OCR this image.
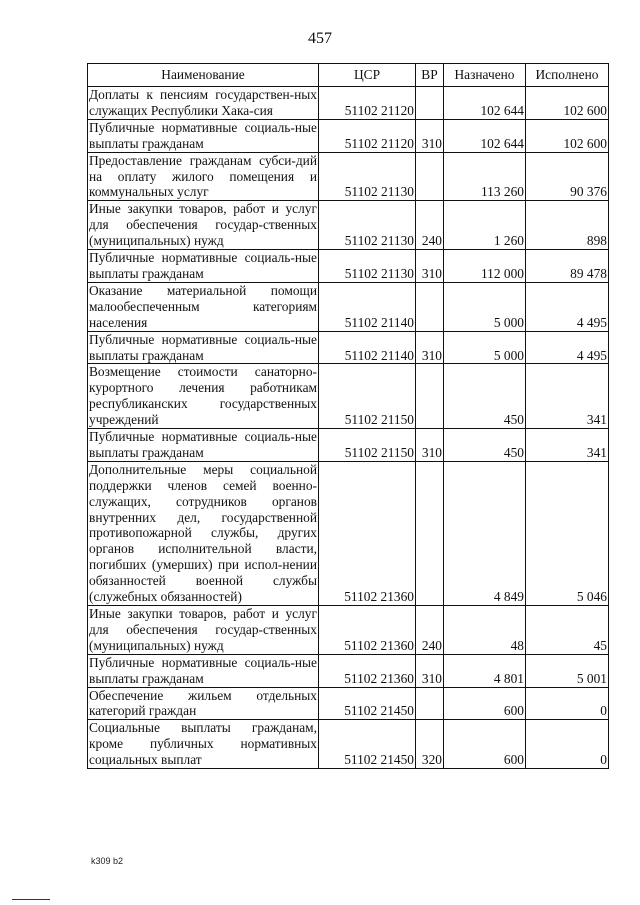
457
Наименование	ЦСР	ВР	Назначено	Исполнено
Доплаты к пенсиям государствен-ных служащих Республики Хака-сия	51102 21120		102 644	102 600
Публичные нормативные социаль-ные выплаты гражданам	51102 21120	310	102 644	102 600
Предоставление гражданам субси-дий на оплату жилого помещения и коммунальных услуг	51102 21130		113 260	90 376
Иные закупки товаров, работ и услуг для обеспечения государ-ственных (муниципальных) нужд	51102 21130	240	1 260	898
Публичные нормативные социаль-ные выплаты гражданам	51102 21130	310	112 000	89 478
Оказание материальной помощи малообеспеченным категориям населения	51102 21140		5 000	4 495
Публичные нормативные социаль-ные выплаты гражданам	51102 21140	310	5 000	4 495
Возмещение стоимости санаторно-курортного лечения работникам республиканских государственных учреждений	51102 21150		450	341
Публичные нормативные социаль-ные выплаты гражданам	51102 21150	310	450	341
Дополнительные меры социальной поддержки членов семей военно-служащих, сотрудников органов внутренних дел, государственной противопожарной службы, других органов исполнительной власти, погибших (умерших) при испол-нении обязанностей военной службы (служебных обязанностей)	51102 21360		4 849	5 046
Иные закупки товаров, работ и услуг для обеспечения государ-ственных (муниципальных) нужд	51102 21360	240	48	45
Публичные нормативные социаль-ные выплаты гражданам	51102 21360	310	4 801	5 001
Обеспечение жильем отдельных категорий граждан	51102 21450		600	0
Социальные выплаты гражданам, кроме публичных нормативных социальных выплат	51102 21450	320	600	0
k309 b2
